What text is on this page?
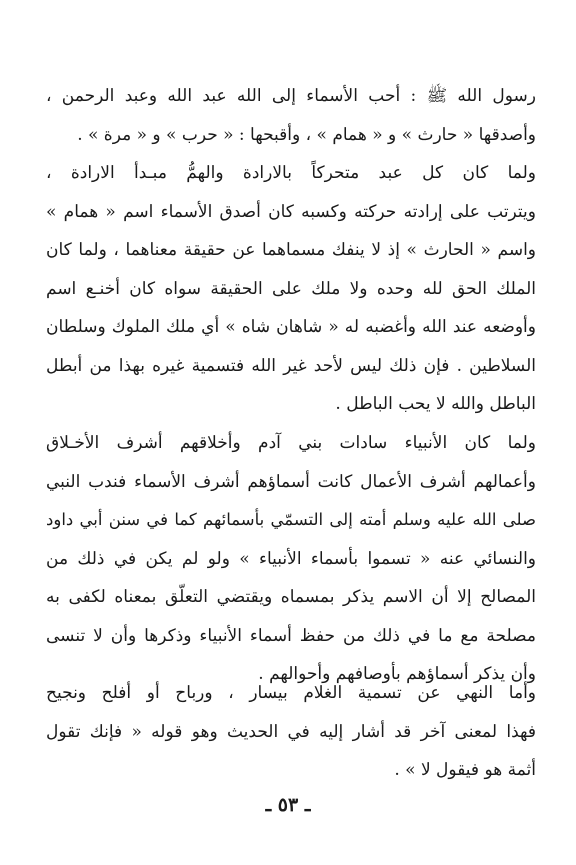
رسول الله ﷺ : أحب الأسماء إلى الله عبد الله وعبد الرحمن ،
وأصدقها « حارث » و « همام » ، وأقبحها : « حرب » و « مرة » .
ولما كان كل عبد متحركاً بالارادة والهمُّ مبـدأ الارادة ،
ويترتب على إرادته حركته وكسبه كان أصدق الأسماء اسم « همام »
واسم « الحارث » إذ لا ينفك مسماهما عن حقيقة معناهما ، ولما كان
الملك الحق لله وحده ولا ملك على الحقيقة سواه كان أخنـع اسم
وأوضعه عند الله وأغضبه له « شاهان شاه » أي ملك الملوك وسلطان
السلاطين . فإن ذلك ليس لأحد غير الله فتسمية غيره بهذا من أبطل
الباطل والله لا يحب الباطل .
ولما كان الأنبياء سادات بني آدم وأخلاقهم أشرف الأخـلاق
وأعمالهم أشرف الأعمال كانت أسماؤهم أشرف الأسماء فندب النبي
صلى الله عليه وسلم أمته إلى التسمّي بأسمائهم كما في سنن أبي داود
والنسائي عنه « تسموا بأسماء الأنبياء » ولو لم يكن في ذلك من
المصالح إلا أن الاسم يذكر بمسماه ويقتضي التعلّق بمعناه لكفى به
مصلحة مع ما في ذلك من حفظ أسماء الأنبياء وذكرها وأن لا تنسى
وأن يذكر أسماؤهم بأوصافهم وأحوالهم .
وأما النهي عن تسمية الغلام بيسار ، ورباح أو أفلح ونجيح
فهذا لمعنى آخر قد أشار إليه في الحديث وهو قوله « فإنك تقول
أثمة هو فيقول لا » .
ـ ٥٣ ـ
